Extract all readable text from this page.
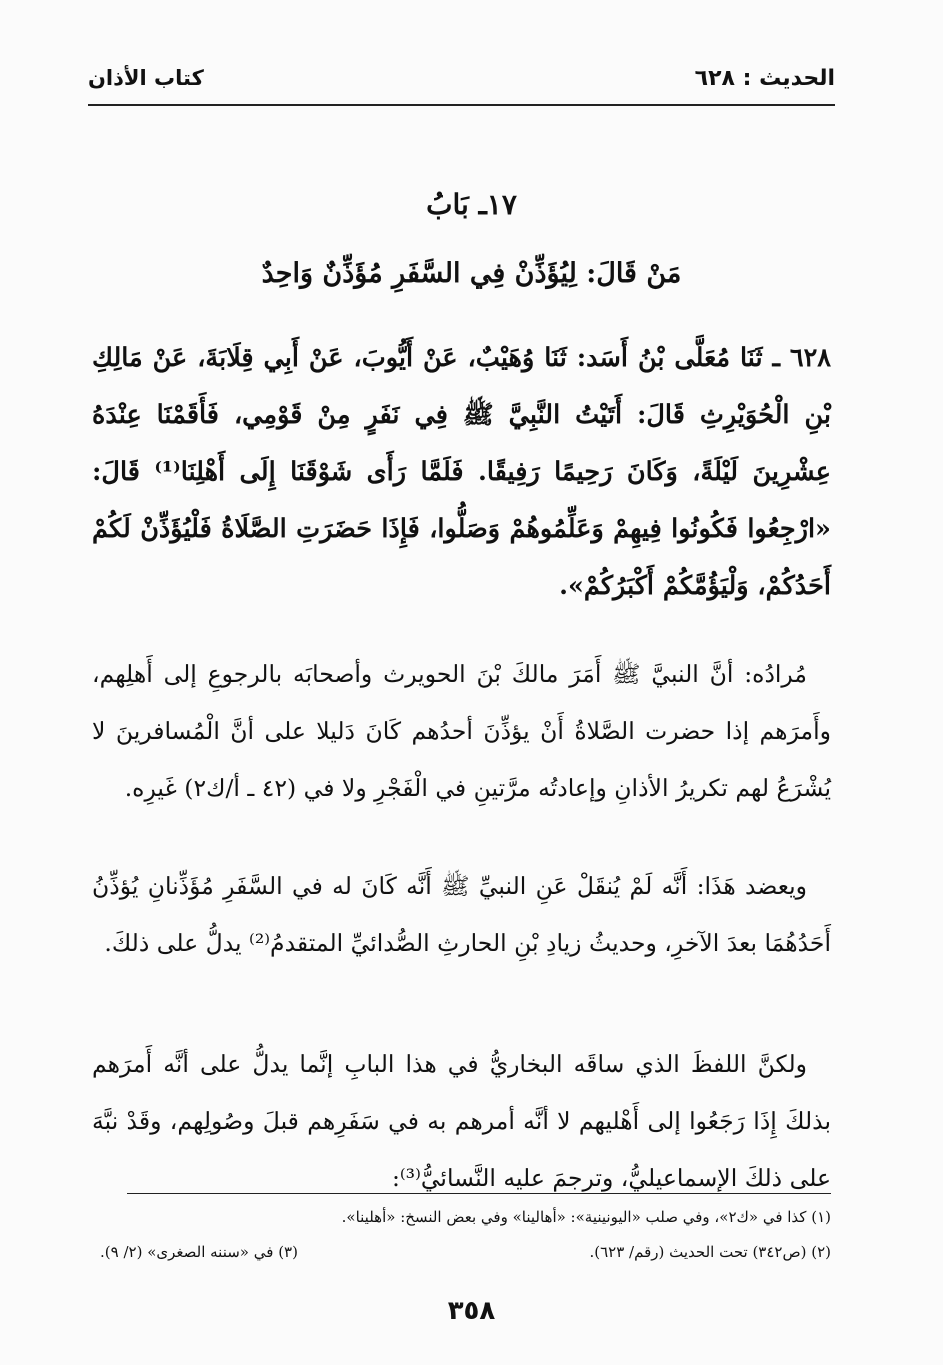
الحديث : ٦٢٨
كتاب الأذان
١٧ـ بَابُ
مَنْ قَالَ: لِيُؤَذِّنْ فِي السَّفَرِ مُؤَذِّنٌ وَاحِدٌ

٦٢٨ ـ ثَنَا مُعَلَّى بْنُ أَسَد: ثَنَا وُهَيْبٌ، عَنْ أَيُّوبَ، عَنْ أَبِي قِلَابَةَ، عَنْ مَالِكِ بْنِ الْحُوَيْرِثِ قَالَ: أَتَيْتُ النَّبِيَّ ﷺ فِي نَفَرٍ مِنْ قَوْمِي، فَأَقَمْنَا عِنْدَهُ عِشْرِينَ لَيْلَةً، وَكَانَ رَحِيمًا رَفِيقًا. فَلَمَّا رَأَى شَوْقَنَا إِلَى أَهْلِنَا⁽¹⁾ قَالَ: «ارْجِعُوا فَكُونُوا فِيهِمْ وَعَلِّمُوهُمْ وَصَلُّوا، فَإِذَا حَضَرَتِ الصَّلَاةُ فَلْيُؤَذِّنْ لَكُمْ أَحَدُكُمْ، وَلْيَؤُمَّكُمْ أَكْبَرُكُمْ».

مُرادُه: أنَّ النبيَّ ﷺ أَمَرَ مالكَ بْنَ الحويرث وأصحابَه بالرجوعِ إلى أَهلِهم، وأَمرَهم إذا حضرت الصَّلاةُ أَنْ يؤذِّنَ أحدُهم كَانَ دَليلا على أنَّ الْمُسافرينَ لا يُشْرَعُ لهم تكريرُ الأذانِ وإعادتُه مرَّتينِ في الْفَجْرِ ولا في (٤٢ ـ أ/ك٢) غَيرِه.

ويعضد هَذَا: أَنَّه لَمْ يُنقَلْ عَنِ النبيِّ ﷺ أَنَّه كَانَ له في السَّفَرِ مُؤَذِّنانِ يُؤذِّنُ أَحَدُهُمَا بعدَ الآخرِ، وحديثُ زيادِ بْنِ الحارثِ الصُّدائيِّ المتقدمُ⁽²⁾ يدلُّ على ذلكَ.

ولكنَّ اللفظَ الذي ساقَه البخاريُّ في هذا البابِ إنَّما يدلُّ على أنَّه أَمرَهم بذلكَ إِذَا رَجَعُوا إلى أَهْليهم لا أنَّه أمرهم به في سَفَرِهم قبلَ وصُولِهم، وقَدْ نبَّهَ على ذلكَ الإسماعيليُّ، وترجمَ عليه النَّسائيُّ⁽³⁾:

(١) كذا في «ك٢»، وفي صلب «اليونينية»: «أهالينا» وفي بعض النسخ: «أهلينا».
(٢) (ص٣٤٢) تحت الحديث (رقم/ ٦٢٣).
(٣) في «سننه الصغرى» (٢/ ٩).
٣٥٨
